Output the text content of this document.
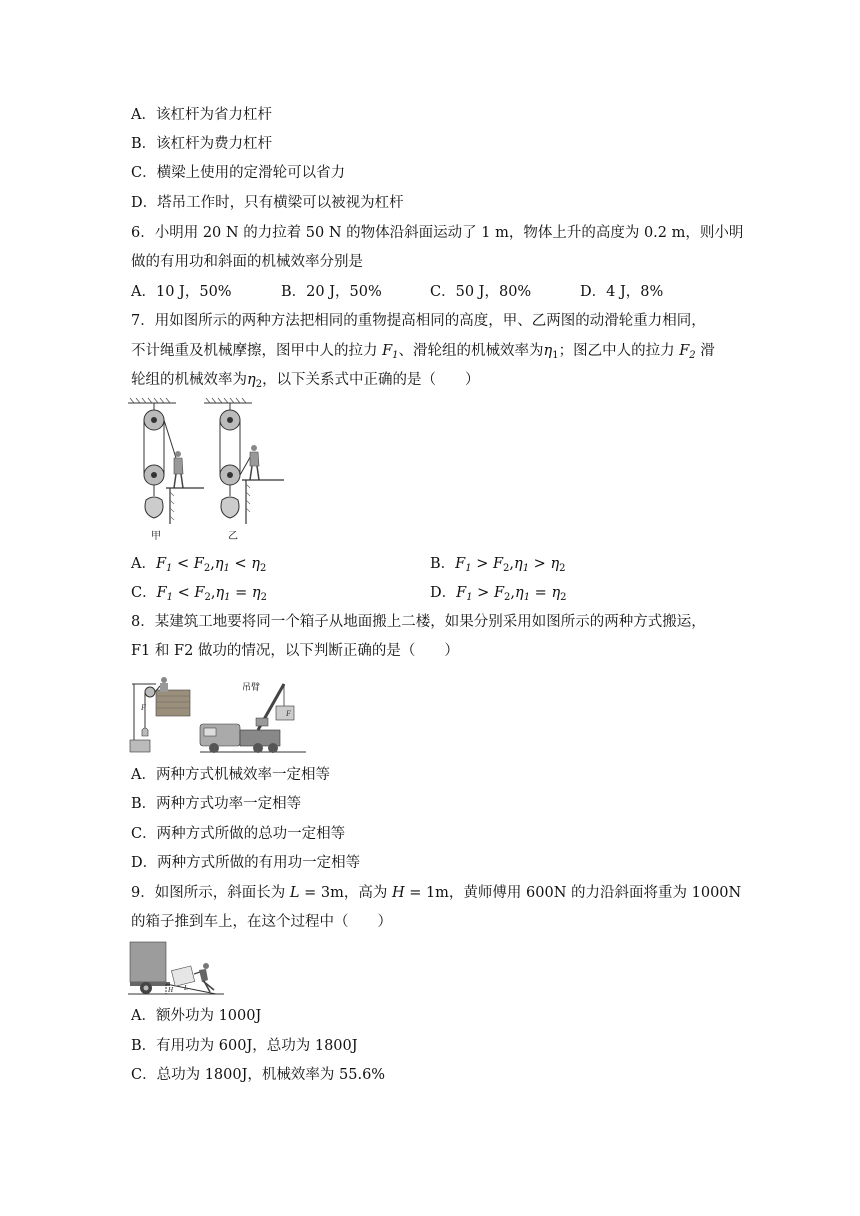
A．该杠杆为省力杠杆
B．该杠杆为费力杠杆
C．横梁上使用的定滑轮可以省力
D．塔吊工作时，只有横梁可以被视为杠杆
6．小明用 20 N 的力拉着 50 N 的物体沿斜面运动了 1 m，物体上升的高度为 0.2 m，则小明
做的有用功和斜面的机械效率分别是
A．10 J，50%	B．20 J，50%	C．50 J，80%	D．4 J，8%
7．用如图所示的两种方法把相同的重物提高相同的高度，甲、乙两图的动滑轮重力相同，
不计绳重及机械摩擦，图甲中人的拉力 $F_1$、滑轮组的机械效率为$\eta_1$；图乙中人的拉力 $F_2$ 滑
轮组的机械效率为$\eta_2$，以下关系式中正确的是（　　）
甲	乙
A．$F_1 < F_2,\eta_1 < \eta_2$	B．$F_1 > F_2,\eta_1 > \eta_2$
C．$F_1 < F_2,\eta_1 = \eta_2$	D．$F_1 > F_2,\eta_1 = \eta_2$
8．某建筑工地要将同一个箱子从地面搬上二楼，如果分别采用如图所示的两种方式搬运，
F1 和 F2 做功的情况，以下判断正确的是（　　）
F
F
吊臂
A．两种方式机械效率一定相等
B．两种方式功率一定相等
C．两种方式所做的总功一定相等
D．两种方式所做的有用功一定相等
9．如图所示，斜面长为 L = 3m，高为 H = 1m，黄师傅用 600N 的力沿斜面将重为 1000N
的箱子推到车上，在这个过程中（　　）
H L
A．额外功为 1000J
B．有用功为 600J，总功为 1800J
C．总功为 1800J，机械效率为 55.6%
